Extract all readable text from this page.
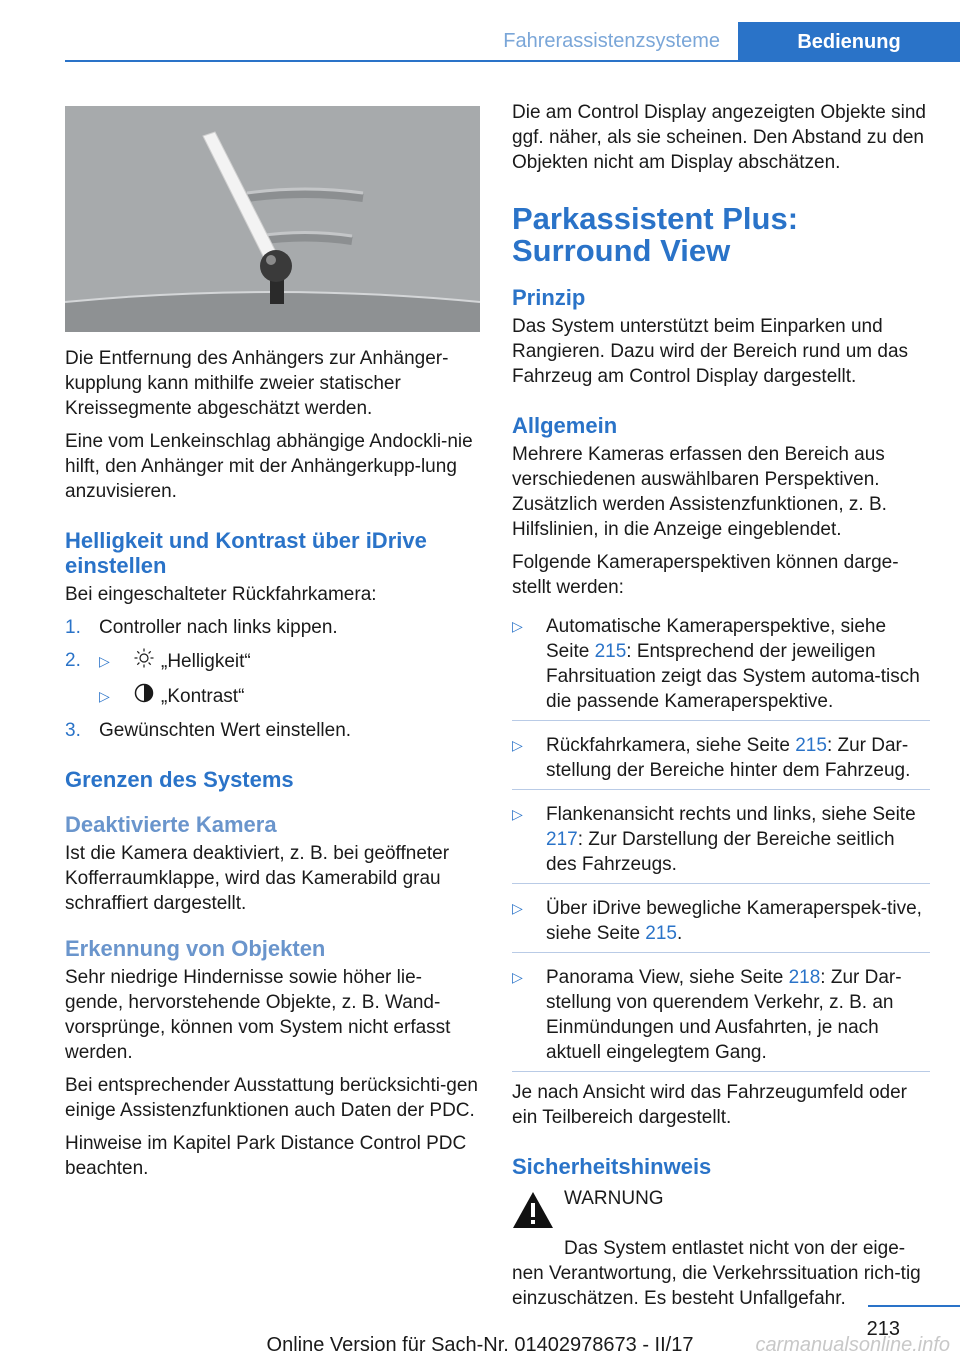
Fahrerassistenzsysteme	Bedienung

Die Entfernung des Anhängers zur Anhänger‐kupplung kann mithilfe zweier statischer Kreissegmente abgeschätzt werden.

Eine vom Lenkeinschlag abhängige Andockli‐nie hilft, den Anhänger mit der Anhängerkupp‐lung anzuvisieren.

Helligkeit und Kontrast über iDrive einstellen

Bei eingeschalteter Rückfahrkamera:

1. Controller nach links kippen.
2.	▷	„Helligkeit“
▷	„Kontrast“
3. Gewünschten Wert einstellen.
Grenzen des Systems
Deaktivierte Kamera

Ist die Kamera deaktiviert, z. B. bei geöffneter Kofferraumklappe, wird das Kamerabild grau schraffiert dargestellt.

Erkennung von Objekten

Sehr niedrige Hindernisse sowie höher lie‐gende, hervorstehende Objekte, z. B. Wand‐vorsprünge, können vom System nicht erfasst werden.

Bei entsprechender Ausstattung berücksichti‐gen einige Assistenzfunktionen auch Daten der PDC.

Hinweise im Kapitel Park Distance Control PDC beachten.

Die am Control Display angezeigten Objekte sind ggf. näher, als sie scheinen. Den Abstand zu den Objekten nicht am Display abschätzen.

Parkassistent Plus: Surround View
Prinzip

Das System unterstützt beim Einparken und Rangieren. Dazu wird der Bereich rund um das Fahrzeug am Control Display dargestellt.

Allgemein

Mehrere Kameras erfassen den Bereich aus verschiedenen auswählbaren Perspektiven. Zusätzlich werden Assistenzfunktionen, z. B. Hilfslinien, in die Anzeige eingeblendet.

Folgende Kameraperspektiven können darge‐stellt werden:

▷	Automatische Kameraperspektive, siehe Seite 215: Entsprechend der jeweiligen Fahrsituation zeigt das System automa‐tisch die passende Kameraperspektive.
▷	Rückfahrkamera, siehe Seite 215: Zur Dar‐stellung der Bereiche hinter dem Fahrzeug.
▷	Flankenansicht rechts und links, siehe Seite 217: Zur Darstellung der Bereiche seitlich des Fahrzeugs.
▷	Über iDrive bewegliche Kameraperspek‐tive, siehe Seite 215.
▷	Panorama View, siehe Seite 218: Zur Dar‐stellung von querendem Verkehr, z. B. an Einmündungen und Ausfahrten, je nach aktuell eingelegtem Gang.

Je nach Ansicht wird das Fahrzeugumfeld oder ein Teilbereich dargestellt.

Sicherheitshinweis
WARNUNG

Das System entlastet nicht von der eige‐nen Verantwortung, die Verkehrssituation rich‐tig einzuschätzen. Es besteht Unfallgefahr.

213
Online Version für Sach-Nr. 01402978673 - II/17	carmanualsonline.info
